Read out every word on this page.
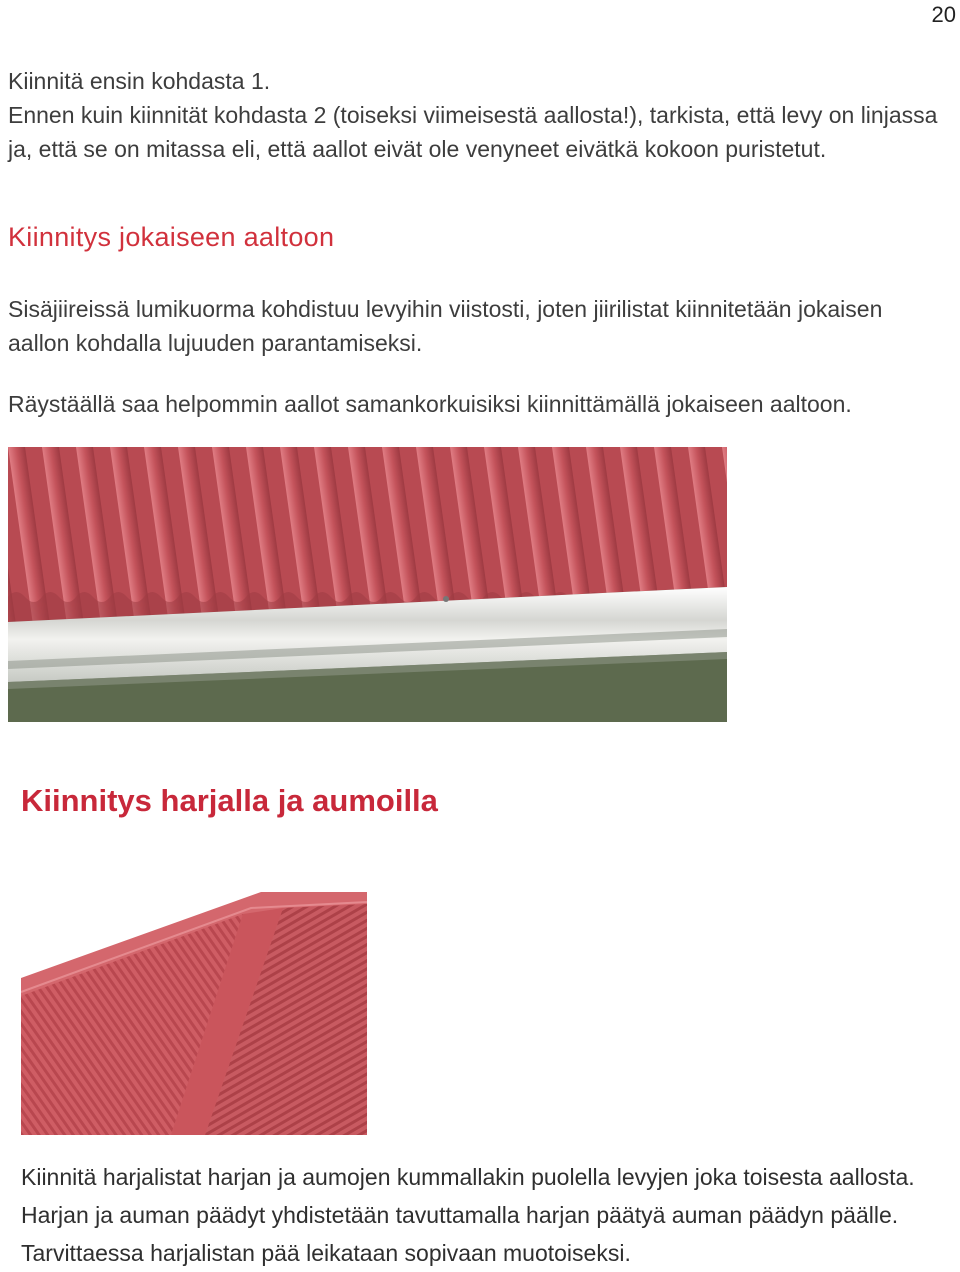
20

Kiinnitä ensin kohdasta 1.

Ennen kuin kiinnität kohdasta 2 (toiseksi viimeisestä aallosta!), tarkista, että levy on linjassa ja, että se on mitassa eli, että aallot eivät ole venyneet eivätkä kokoon puristetut.

Kiinnitys jokaiseen aaltoon

Sisäjiireissä lumikuorma kohdistuu levyihin viistosti, joten jiirilistat kiinnitetään jokaisen aallon kohdalla lujuuden parantamiseksi.

Räystäällä saa helpommin aallot samankorkuisiksi kiinnittämällä jokaiseen aaltoon.

Kiinnitys harjalla ja aumoilla

Kiinnitä harjalistat harjan ja aumojen kummallakin puolella levyjen joka toisesta aallosta. Harjan ja auman päädyt yhdistetään tavuttamalla harjan päätyä auman päädyn päälle. Tarvittaessa harjalistan pää leikataan sopivaan muotoiseksi.
